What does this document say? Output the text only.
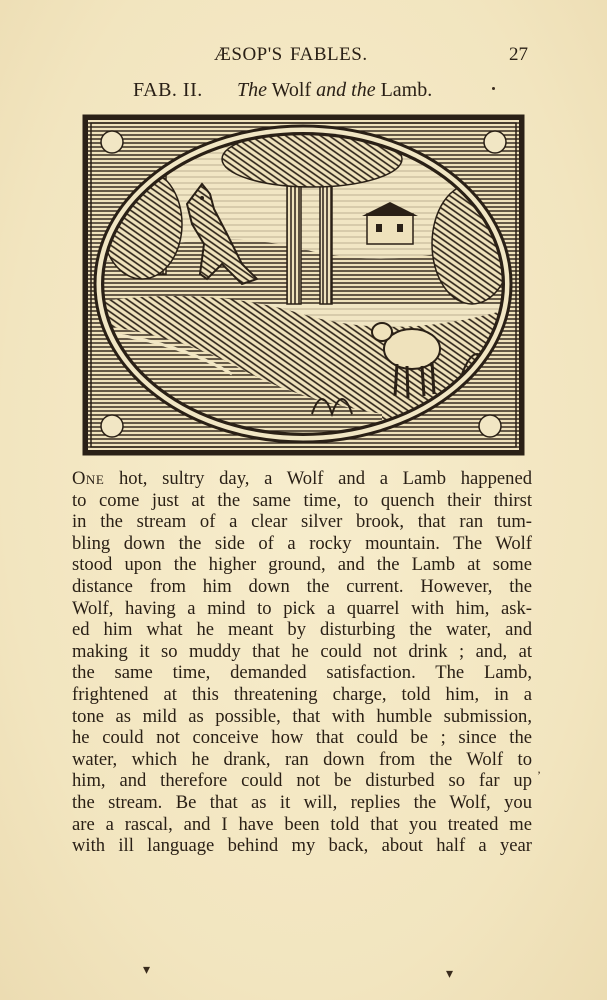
ÆSOP'S FABLES.	27
FAB. II. The Wolf and the Lamb.
One hot, sultry day, a Wolf and a Lamb happened
to come just at the same time, to quench their thirst
in the stream of a clear silver brook, that ran tum-
bling down the side of a rocky mountain. The Wolf
stood upon the higher ground, and the Lamb at some
distance from him down the current. However, the
Wolf, having a mind to pick a quarrel with him, ask-
ed him what he meant by disturbing the water, and
making it so muddy that he could not drink ; and, at
the same time, demanded satisfaction. The Lamb,
frightened at this threatening charge, told him, in a
tone as mild as possible, that with humble submission,
he could not conceive how that could be ; since the
water, which he drank, ran down from the Wolf to
him, and therefore could not be disturbed so far up
the stream. Be that as it will, replies the Wolf, you
are a rascal, and I have been told that you treated me
with ill language behind my back, about half a year
▾	▾
’
